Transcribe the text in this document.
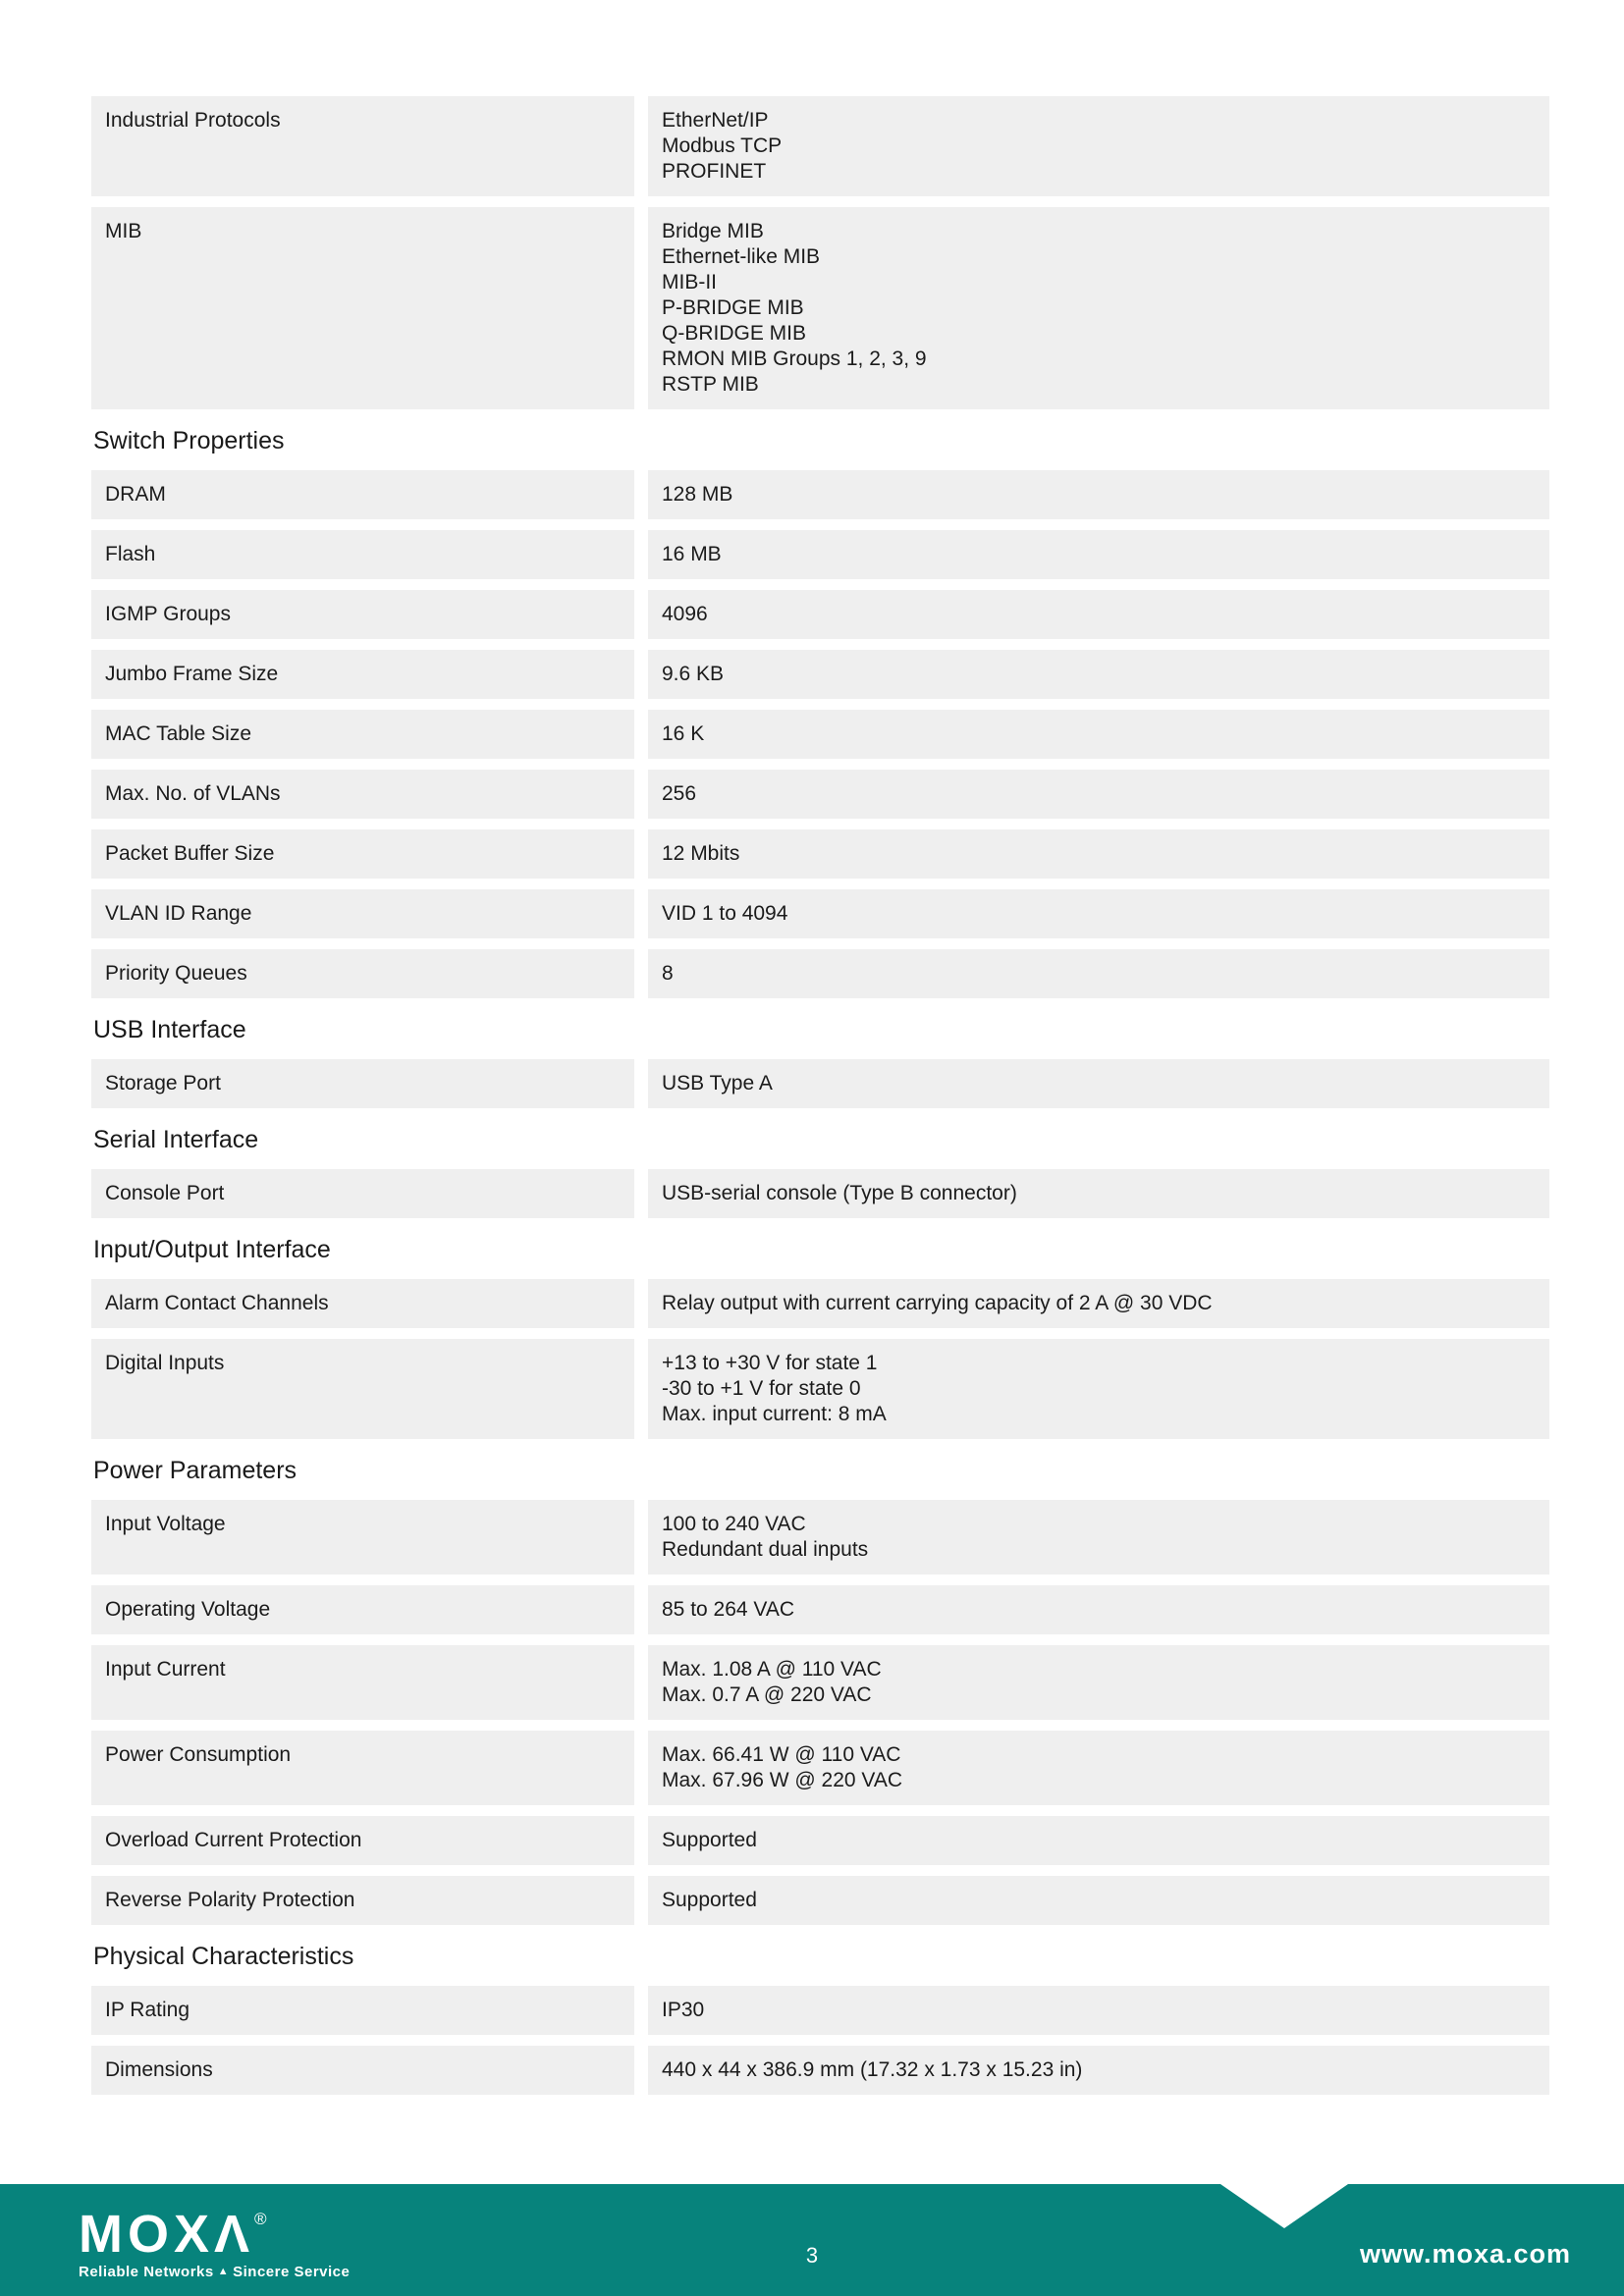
Industrial Protocols	EtherNet/IP
Modbus TCP
PROFINET
MIB	Bridge MIB
Ethernet-like MIB
MIB-II
P-BRIDGE MIB
Q-BRIDGE MIB
RMON MIB Groups 1, 2, 3, 9
RSTP MIB
Switch Properties
DRAM	128 MB
Flash	16 MB
IGMP Groups	4096
Jumbo Frame Size	9.6 KB
MAC Table Size	16 K
Max. No. of VLANs	256
Packet Buffer Size	12 Mbits
VLAN ID Range	VID 1 to 4094
Priority Queues	8
USB Interface
Storage Port	USB Type A
Serial Interface
Console Port	USB-serial console (Type B connector)
Input/Output Interface
Alarm Contact Channels	Relay output with current carrying capacity of 2 A @ 30 VDC
Digital Inputs	+13 to +30 V for state 1
-30 to +1 V for state 0
Max. input current: 8 mA
Power Parameters
Input Voltage	100 to 240 VAC
Redundant dual inputs
Operating Voltage	85 to 264 VAC
Input Current	Max. 1.08 A @ 110 VAC
Max. 0.7 A @ 220 VAC
Power Consumption	Max. 66.41 W @ 110 VAC
Max. 67.96 W @ 220 VAC
Overload Current Protection	Supported
Reverse Polarity Protection	Supported
Physical Characteristics
IP Rating	IP30
Dimensions	440 x 44 x 386.9 mm (17.32 x 1.73 x 15.23 in)
MOXΛ®
Reliable Networks ▲ Sincere Service
3	www.moxa.com
